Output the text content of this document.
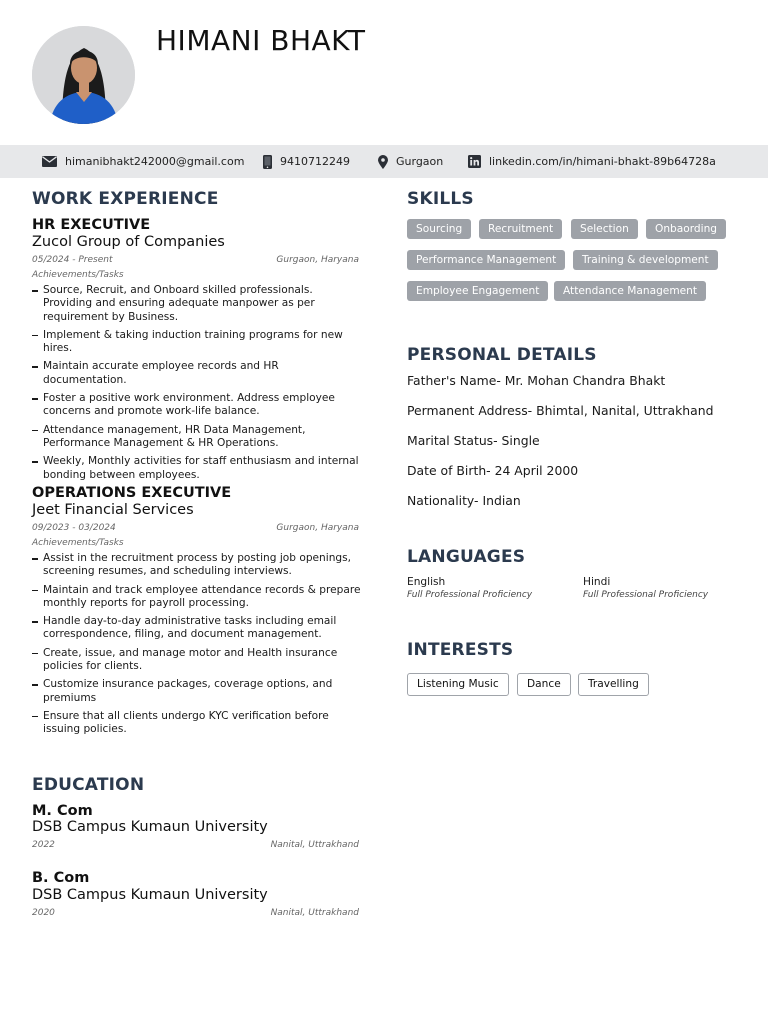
HIMANI BHAKT
himanibhakt242000@gmail.com	9410712249	Gurgaon	linkedin.com/in/himani-bhakt-89b64728a
WORK EXPERIENCE
HR EXECUTIVE
Zucol Group of Companies
05/2024 - Present	Gurgaon, Haryana
Achievements/Tasks
Source, Recruit, and Onboard skilled professionals. Providing and ensuring adequate manpower as per requirement by Business.
Implement & taking induction training programs for new hires.
Maintain accurate employee records and HR documentation.
Foster a positive work environment. Address employee concerns and promote work-life balance.
Attendance management, HR Data Management, Performance Management & HR Operations.
Weekly, Monthly activities for staff enthusiasm and internal bonding between employees.
OPERATIONS EXECUTIVE
Jeet Financial Services
09/2023 - 03/2024	Gurgaon, Haryana
Achievements/Tasks
Assist in the recruitment process by posting job openings, screening resumes, and scheduling interviews.
Maintain and track employee attendance records & prepare monthly reports for payroll processing.
Handle day-to-day administrative tasks including email correspondence, filing, and document management.
Create, issue, and manage motor and Health insurance policies for clients.
Customize insurance packages, coverage options, and premiums
Ensure that all clients undergo KYC verification before issuing policies.
EDUCATION
M. Com
DSB Campus Kumaun University
2022	Nanital, Uttrakhand
B. Com
DSB Campus Kumaun University
2020	Nanital, Uttrakhand
SKILLS
Sourcing	Recruitment	Selection	Onbaording
Performance Management	Training & development
Employee Engagement	Attendance Management
PERSONAL DETAILS
Father's Name- Mr. Mohan Chandra Bhakt
Permanent Address- Bhimtal, Nanital, Uttrakhand
Marital Status- Single
Date of Birth- 24 April 2000
Nationality- Indian
LANGUAGES
English
Full Professional Proficiency
Hindi
Full Professional Proficiency
INTERESTS
Listening Music	Dance	Travelling
